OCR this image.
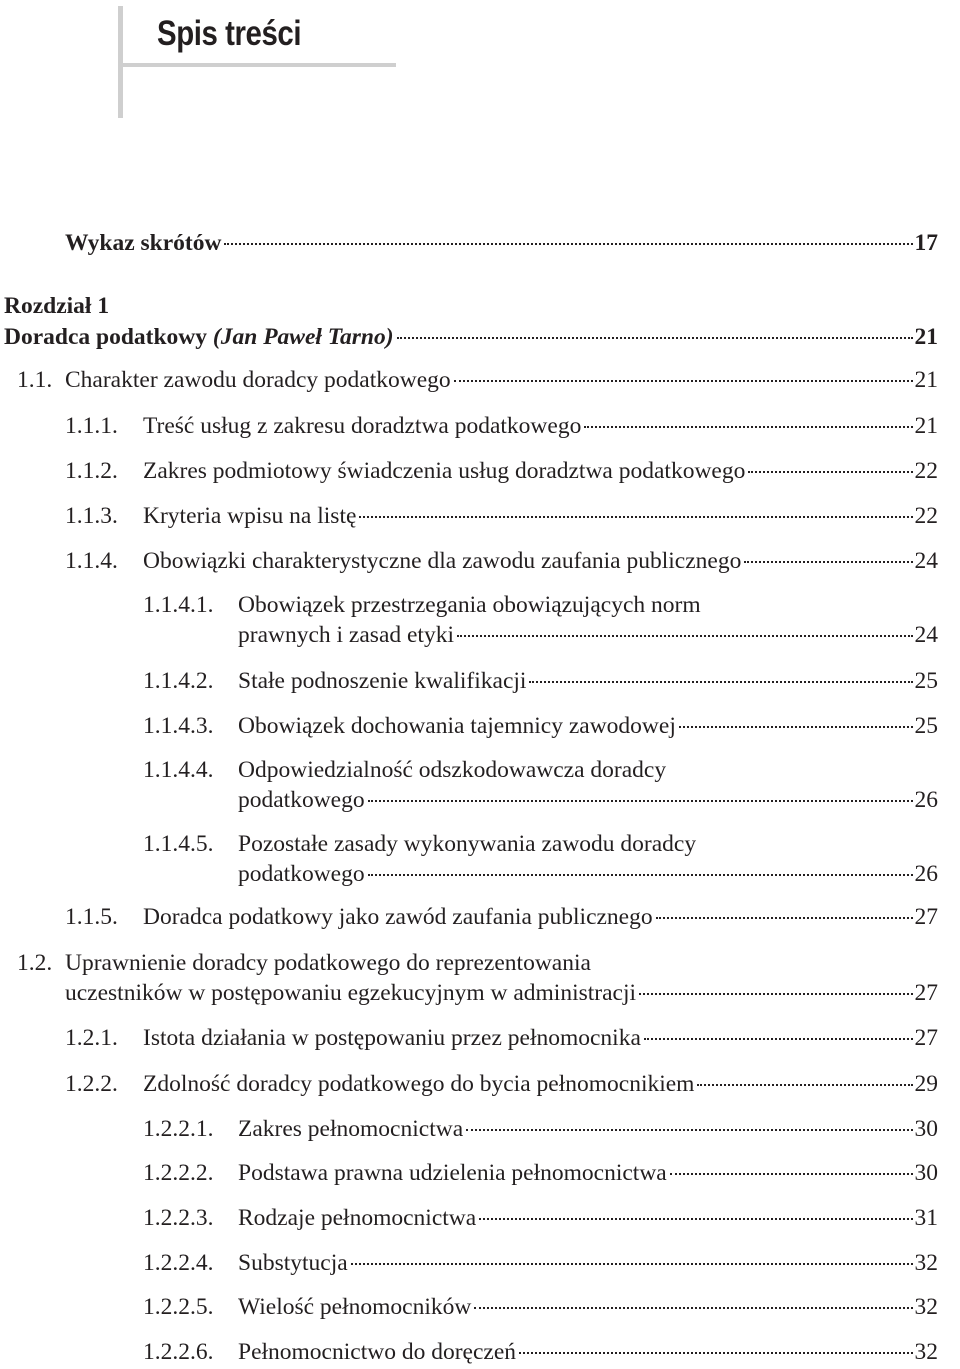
Spis treści
Wykaz skrótów	17
Rozdział 1
Doradca podatkowy (Jan Paweł Tarno)	21
1.1. Charakter zawodu doradcy podatkowego	21
1.1.1. Treść usług z zakresu doradztwa podatkowego	21
1.1.2. Zakres podmiotowy świadczenia usług doradztwa podatkowego	22
1.1.3. Kryteria wpisu na listę	22
1.1.4. Obowiązki charakterystyczne dla zawodu zaufania publicznego	24
1.1.4.1. Obowiązek przestrzegania obowiązujących norm
prawnych i zasad etyki	24
1.1.4.2. Stałe podnoszenie kwalifikacji	25
1.1.4.3. Obowiązek dochowania tajemnicy zawodowej	25
1.1.4.4. Odpowiedzialność odszkodowawcza doradcy
podatkowego	26
1.1.4.5. Pozostałe zasady wykonywania zawodu doradcy
podatkowego	26
1.1.5. Doradca podatkowy jako zawód zaufania publicznego	27
1.2. Uprawnienie doradcy podatkowego do reprezentowania
uczestników w postępowaniu egzekucyjnym w administracji	27
1.2.1. Istota działania w postępowaniu przez pełnomocnika	27
1.2.2. Zdolność doradcy podatkowego do bycia pełnomocnikiem	29
1.2.2.1. Zakres pełnomocnictwa	30
1.2.2.2. Podstawa prawna udzielenia pełnomocnictwa	30
1.2.2.3. Rodzaje pełnomocnictwa	31
1.2.2.4. Substytucja	32
1.2.2.5. Wielość pełnomocników	32
1.2.2.6. Pełnomocnictwo do doręczeń	32
